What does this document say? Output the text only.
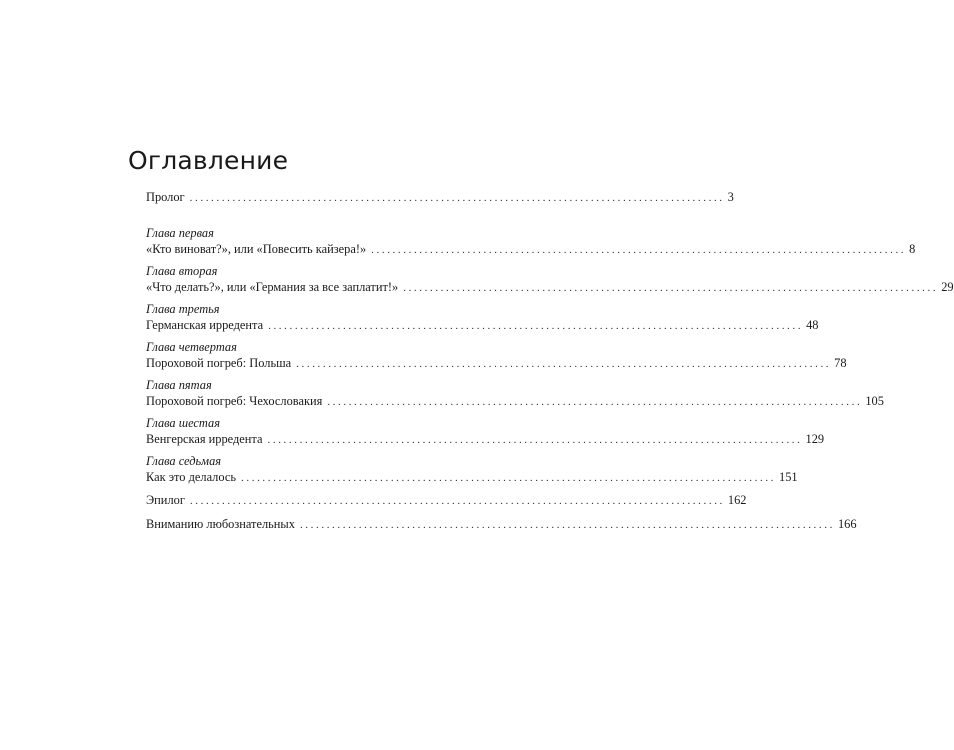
Оглавление
Пролог .................................................................................................... 3
Глава первая
«Кто виноват?», или «Повесить кайзера!» .................................................................................................... 8
Глава вторая
«Что делать?», или «Германия за все заплатит!» .................................................................................................... 29
Глава третья
Германская ирредента .................................................................................................... 48
Глава четвертая
Пороховой погреб: Польша .................................................................................................... 78
Глава пятая
Пороховой погреб: Чехословакия .................................................................................................... 105
Глава шестая
Венгерская ирредента .................................................................................................... 129
Глава седьмая
Как это делалось .................................................................................................... 151
Эпилог .................................................................................................... 162
Вниманию любознательных .................................................................................................... 166
